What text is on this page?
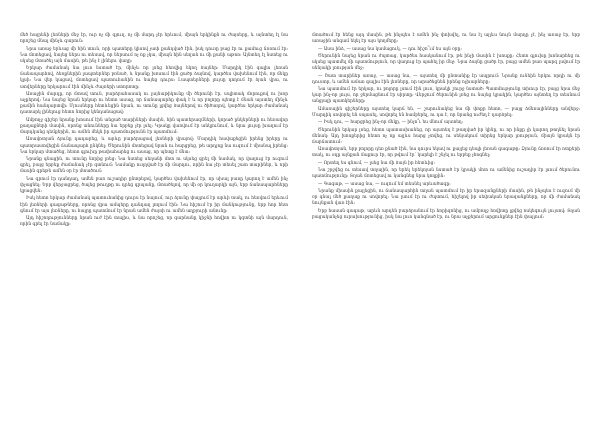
մեծ հայրենի լեռների մեջ էր, ուր ոչ մի գյուղ, ոչ մի մարդ չէր երևում, միայն երկինքն ու ժայռերը, և այնտեղ էլ նա որոշեց մնալ մինչև գարուն։

Նրա առաջ երևաց մի հին տուն, որի պատերը կիսով չափ քանդված էին, իսկ դուռը բաց էր ու քամուց ճռռում էր։ Նա մոտեցավ, նայեց ներս ու տեսավ, որ ներսում ոչ ոք չկա, միայն հին սեղան ու մի քանի աթոռ։ Այնտեղ էլ նստեց ու սկսեց մտածել այն մասին, թե ինչ է լինելու վաղը։

Երկար ժամանակ նա լուռ նստած էր, մինչև որ լսեց հեռվից եկող ձայներ։ Մարդիկ էին գալիս լեռան ճանապարհով, ձեռքներին լապտերներ բռնած, և նրանք խոսում էին ցածր ձայնով, կարծես վախենում էին, որ մեկը կլսի։ Նա վեր կացավ, մոտեցավ պատուհանին ու նայեց դուրս։ Լապտերների լույսը դողում էր ձյան վրա, ու ստվերները երկարում էին մինչև ժայռերի ստորոտը։

Առաջին մարդը, որ մտավ տուն, բարձրահասակ ու լայնաթիկունք մի ծերունի էր, սպիտակ մորուքով ու խոր աչքերով։ Նա նայեց նրան երկար ու հետո ասաց, որ ճանապարհը փակ է և որ բոլորը պետք է մնան այստեղ մինչև քամին հանդարտվի։ Մյուսները հետևեցին նրան, ու տունը լցվեց ձայներով ու ծիծաղով, կարծես երկար ժամանակ դատարկ լինելուց հետո նորից կենդանացավ։

Ամբողջ գիշեր նրանք խոսում էին անցած տարիների մասին, հին պատերազմների, կորած ընկերների ու հեռավոր քաղաքների մասին, որոնց անունները նա երբեք չէր լսել։ Կրակը վառվում էր անկյունում, և նրա լույսը խաղում էր մարդկանց դեմքերին, ու ամեն մեկն իր պատմությունն էր պատմում։

Առավոտյան ձյունը դադարեց, և արևը բարձրացավ լեռների վրայով։ Մարդիկ հավաքեցին իրենց իրերը ու պատրաստվեցին ճանապարհ ընկնել։ Ծերունին մոտեցավ նրան ու հարցրեց, թե արդյոք նա ուզում է միանալ իրենց։ Նա երկար մտածեց, հետո գլուխը թափահարեց ու ասաց, որ պետք է մնա։

Նրանք գնացին, ու տունը նորից լռեց։ Նա նստեց սեղանի մոտ ու սկսեց գրել մի նամակ, որ վաղուց էր ուզում գրել, բայց երբեք ժամանակ չէր գտնում։ Նամակը ուղղված էր մի մարդու, որին նա չէր տեսել շատ տարիներ, և որի մասին գրեթե ամեն օր էր մտածում։

Նա գրում էր դանդաղ, ամեն բառ ուշադիր ընտրելով, կարծես վախենում էր, որ սխալ բառը կարող է ամեն ինչ փչացնել։ Երբ վերջացրեց, ծալեց թուղթը ու դրեց գրպանը, մտածելով, որ մի օր կուղարկի այն, երբ ճանապարհները կբացվեն։

Իսկ հետո երկար ժամանակ պատուհանից դուրս էր նայում, ուր ձյունը փայլում էր արևի տակ, ու հեռվում երևում էին լեռների գագաթները, որոնց վրա ամպերը դանդաղ լողում էին։ Նա հիշում էր իր մանկությունը, երբ հոր հետ գնում էր այս լեռները, ու հայրը պատմում էր նրան ամեն ժայռի ու ամեն աղբյուրի անունը։

Այդ հիշողությունները նրան ուժ էին տալիս, և նա որոշեց, որ գարնանը կիջնի հովիտ ու կգտնի այն մարդուն, որին գրել էր նամակը։

մտածում էր հենց այդ մասին, թե ինչպես է ամեն ինչ փոխվել, ու նա էլ այլևս նույն մարդը չէ, ինչ առաջ էր, երբ առաջին անգամ եկել էր այս կողմերը։

— Ասա ինձ, — ասաց նա կամացուկ, — դու հիշո՞ւմ ես այն օրը։

Ծերունին նայեց նրան ու ժպտաց, կարծես հասկանում էր, թե ինչի մասին է խոսքը։ Հետո գլուխը խոնարհեց ու սկսեց պատմել մի պատմություն, որ վաղուց էր պահել իր մեջ։ Նրա ձայնը ցածր էր, բայց ամեն բառ պարզ լսվում էր սենյակի լռության մեջ։

— Շատ տարիներ առաջ, — ասաց նա, — այստեղ մի ընտանիք էր ապրում։ Նրանք ունեին երկու որդի ու մի դուստր, և ամեն ամառ գալիս էին լեռները, որ արածեցնեն իրենց ոչխարները։

Նա պատմում էր երկար, ու բոլորը լսում էին լուռ, կրակի շուրջ նստած։ Պատմությունը տխուր էր, բայց նրա մեջ կար ինչ-որ լույս, որ ջերմացնում էր սիրտը։ Վերջում ծերունին լռեց ու նայեց կրակին, կարծես այնտեղ էր տեսնում անցյալի պատկերները։

Ամառային գիշերները այստեղ կարճ են, — շարունակեց նա մի փոքր հետո, — բայց ձմեռայինները անվերջ։ Մարդիկ սովորել են սպասել, սովորել են համբերել, ու դա է, որ նրանց ուժեղ է դարձրել։

— Իսկ դու, — հարցրեց ինչ-որ մեկը, — ինչո՞ւ ես մնում այստեղ։

Ծերունին երկար լռեց, հետո պատասխանեց, որ այստեղ է թաղված իր կինը, ու որ ինքը չի կարող թողնել նրան մենակ։ Այդ խոսքերից հետո ոչ ոք այլևս հարց չտվեց, ու սենյակում տիրեց երկար լռություն, միայն կրակն էր ճարճատում։

Առավոտյան, երբ բոլորը դեռ քնած էին, նա դուրս եկավ ու քայլեց դեպի լեռան գագաթը։ Ձյունը ճռռում էր ոտքերի տակ, ու օդը այնքան մաքուր էր, որ թվում էր՝ կարելի է շնչել ու երբեք չհոգնել։

— Որտեղ ես գնում, — լսեց նա մի ձայն իր հետևից։

Նա շրջվեց ու տեսավ տղային, որ երեկ երեկոյան նստած էր կրակի մոտ ու ամենից ուշադիր էր լսում ծերունու պատմությունը։ Տղան մոտեցավ ու կանգնեց նրա կողքին։

— Գագաթ, — ասաց նա, — ուզում եմ տեսնել արևածագը։

Նրանք միասին քայլեցին, ու ճանապարհին տղան պատմում էր իր երազանքների մասին, թե ինչպես է ուզում մի օր գնալ մեծ քաղաք ու սովորել։ Նա լսում էր ու ժպտում, հիշելով իր սեփական երազանքները, որ մի ժամանակ նույնքան վառ էին։

Երբ հասան գագաթ, արևն արդեն բարձրանում էր հորիզոնից, ու ամբողջ հովիտը լցվեց ոսկեգույն լույսով։ Տղան բացականչեց ուրախությունից, իսկ նա լուռ կանգնած էր, ու նրա աչքերում արցունքներ էին փայլում։
